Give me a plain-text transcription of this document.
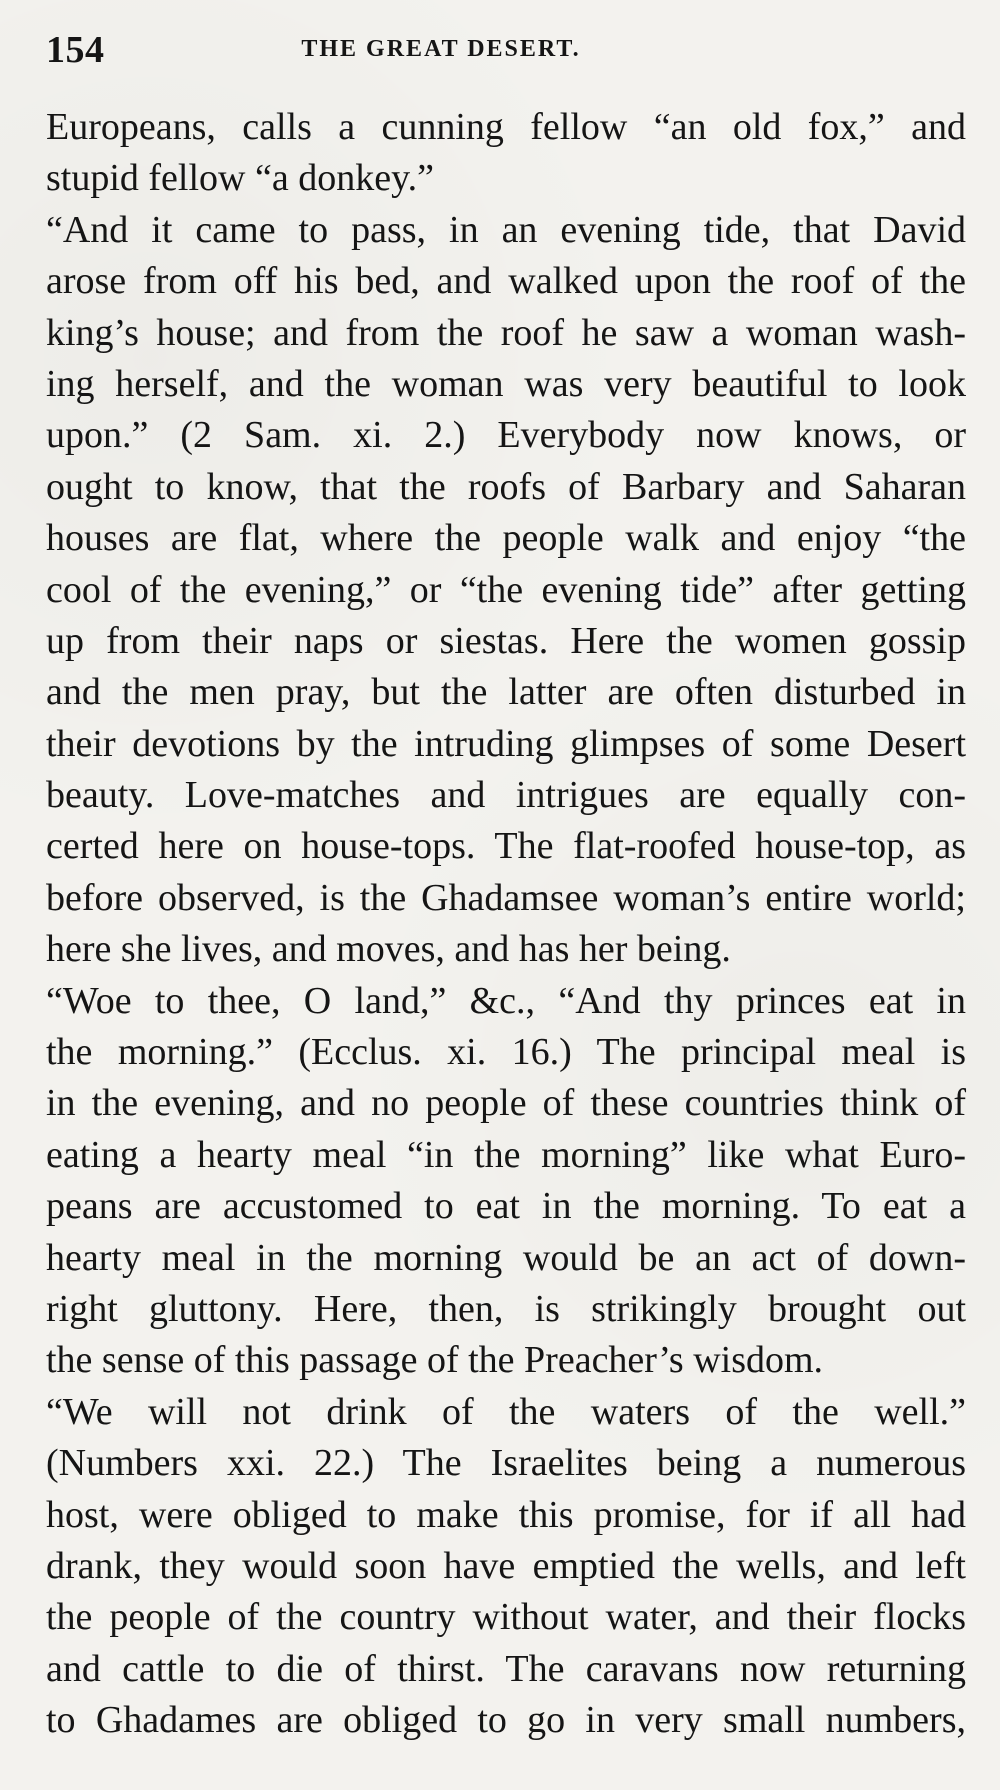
154	THE GREAT DESERT.
Europeans, calls a cunning fellow “an old fox,” and
stupid fellow “a donkey.”
“And it came to pass, in an evening tide, that David
arose from off his bed, and walked upon the roof of the
king’s house; and from the roof he saw a woman wash-
ing herself, and the woman was very beautiful to look
upon.” (2 Sam. xi. 2.) Everybody now knows, or
ought to know, that the roofs of Barbary and Saharan
houses are flat, where the people walk and enjoy “the
cool of the evening,” or “the evening tide” after getting
up from their naps or siestas. Here the women gossip
and the men pray, but the latter are often disturbed in
their devotions by the intruding glimpses of some Desert
beauty. Love-matches and intrigues are equally con-
certed here on house-tops. The flat-roofed house-top, as
before observed, is the Ghadamsee woman’s entire world;
here she lives, and moves, and has her being.
“Woe to thee, O land,” &c., “And thy princes eat in
the morning.” (Ecclus. xi. 16.) The principal meal is
in the evening, and no people of these countries think of
eating a hearty meal “in the morning” like what Euro-
peans are accustomed to eat in the morning. To eat a
hearty meal in the morning would be an act of down-
right gluttony. Here, then, is strikingly brought out
the sense of this passage of the Preacher’s wisdom.
“We will not drink of the waters of the well.”
(Numbers xxi. 22.) The Israelites being a numerous
host, were obliged to make this promise, for if all had
drank, they would soon have emptied the wells, and left
the people of the country without water, and their flocks
and cattle to die of thirst. The caravans now returning
to Ghadames are obliged to go in very small numbers,
